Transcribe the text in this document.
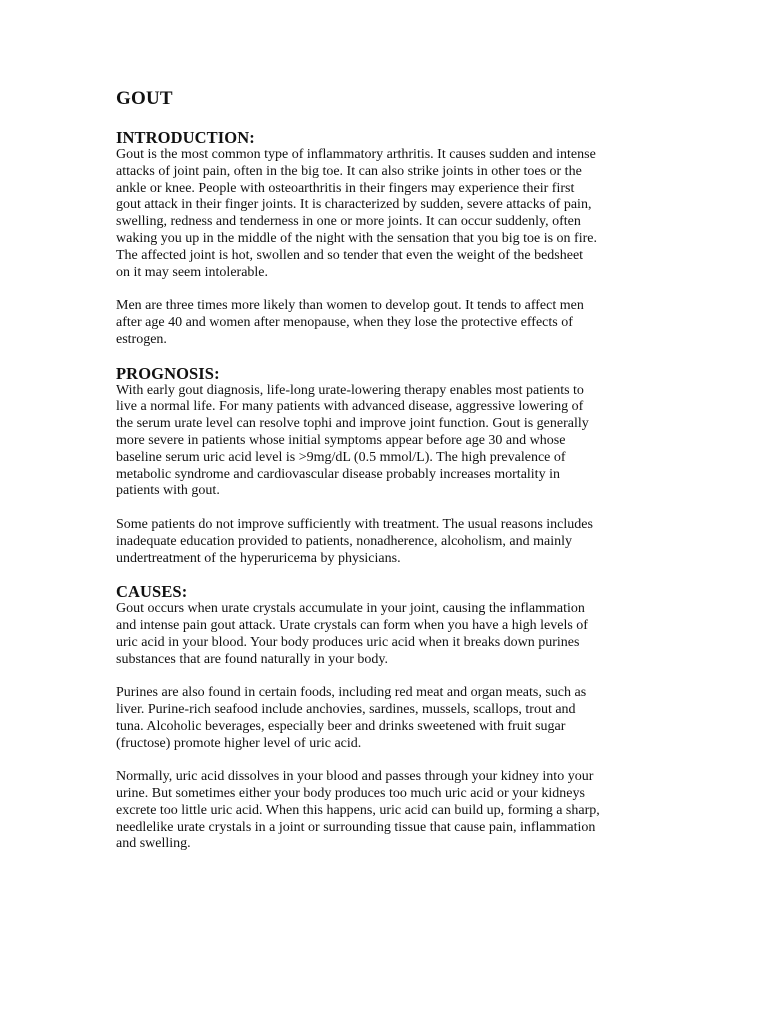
GOUT
INTRODUCTION:

Gout is the most common type of inflammatory arthritis. It causes sudden and intense
attacks of joint pain, often in the big toe. It can also strike joints in other toes or the
ankle or knee. People with osteoarthritis in their fingers may experience their first
gout attack in their finger joints. It is characterized by sudden, severe attacks of pain,
swelling, redness and tenderness in one or more joints. It can occur suddenly, often
waking you up in the middle of the night with the sensation that you big toe is on fire.
The affected joint is hot, swollen and so tender that even the weight of the bedsheet
on it may seem intolerable.

Men are three times more likely than women to develop gout. It tends to affect men
after age 40 and women after menopause, when they lose the protective effects of
estrogen.

PROGNOSIS:

With early gout diagnosis, life-long urate-lowering therapy enables most patients to
live a normal life. For many patients with advanced disease, aggressive lowering of
the serum urate level can resolve tophi and improve joint function. Gout is generally
more severe in patients whose initial symptoms appear before age 30 and whose
baseline serum uric acid level is >9mg/dL (0.5 mmol/L). The high prevalence of
metabolic syndrome and cardiovascular disease probably increases mortality in
patients with gout.

Some patients do not improve sufficiently with treatment. The usual reasons includes
inadequate education provided to patients, nonadherence, alcoholism, and mainly
undertreatment of the hyperuricema by physicians.

CAUSES:

Gout occurs when urate crystals accumulate in your joint, causing the inflammation
and intense pain gout attack. Urate crystals can form when you have a high levels of
uric acid in your blood. Your body produces uric acid when it breaks down purines
substances that are found naturally in your body.

Purines are also found in certain foods, including red meat and organ meats, such as
liver. Purine-rich seafood include anchovies, sardines, mussels, scallops, trout and
tuna. Alcoholic beverages, especially beer and drinks sweetened with fruit sugar
(fructose) promote higher level of uric acid.

Normally, uric acid dissolves in your blood and passes through your kidney into your
urine. But sometimes either your body produces too much uric acid or your kidneys
excrete too little uric acid. When this happens, uric acid can build up, forming a sharp,
needlelike urate crystals in a joint or surrounding tissue that cause pain, inflammation
and swelling.
